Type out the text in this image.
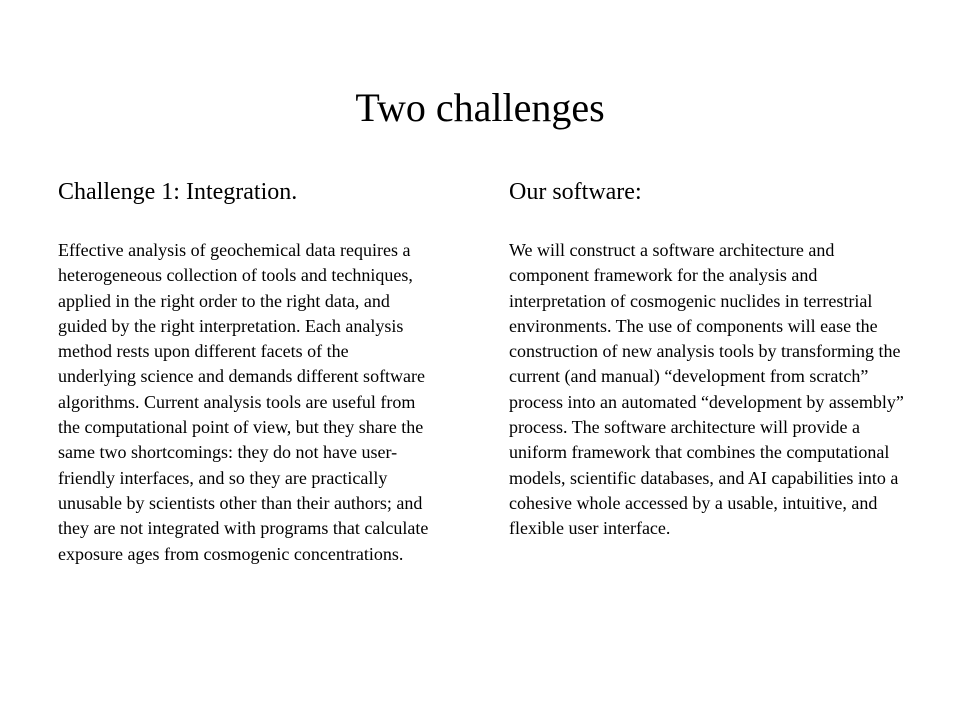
Two challenges
Challenge 1: Integration.

Effective analysis of geochemical data requires a heterogeneous collection of tools and techniques, applied in the right order to the right data, and guided by the right interpretation. Each analysis method rests upon different facets of the underlying science and demands different software algorithms. Current analysis tools are useful from the computational point of view, but they share the same two shortcomings: they do not have user-friendly interfaces, and so they are practically unusable by scientists other than their authors; and they are not integrated with programs that calculate exposure ages from cosmogenic concentrations.

Our software:

We will construct a software architecture and component framework for the analysis and interpretation of cosmogenic nuclides in terrestrial environments. The use of components will ease the construction of new analysis tools by transforming the current (and manual) “development from scratch” process into an automated “development by assembly” process. The software architecture will provide a uniform framework that combines the computational models, scientific databases, and AI capabilities into a cohesive whole accessed by a usable, intuitive, and flexible user interface.
